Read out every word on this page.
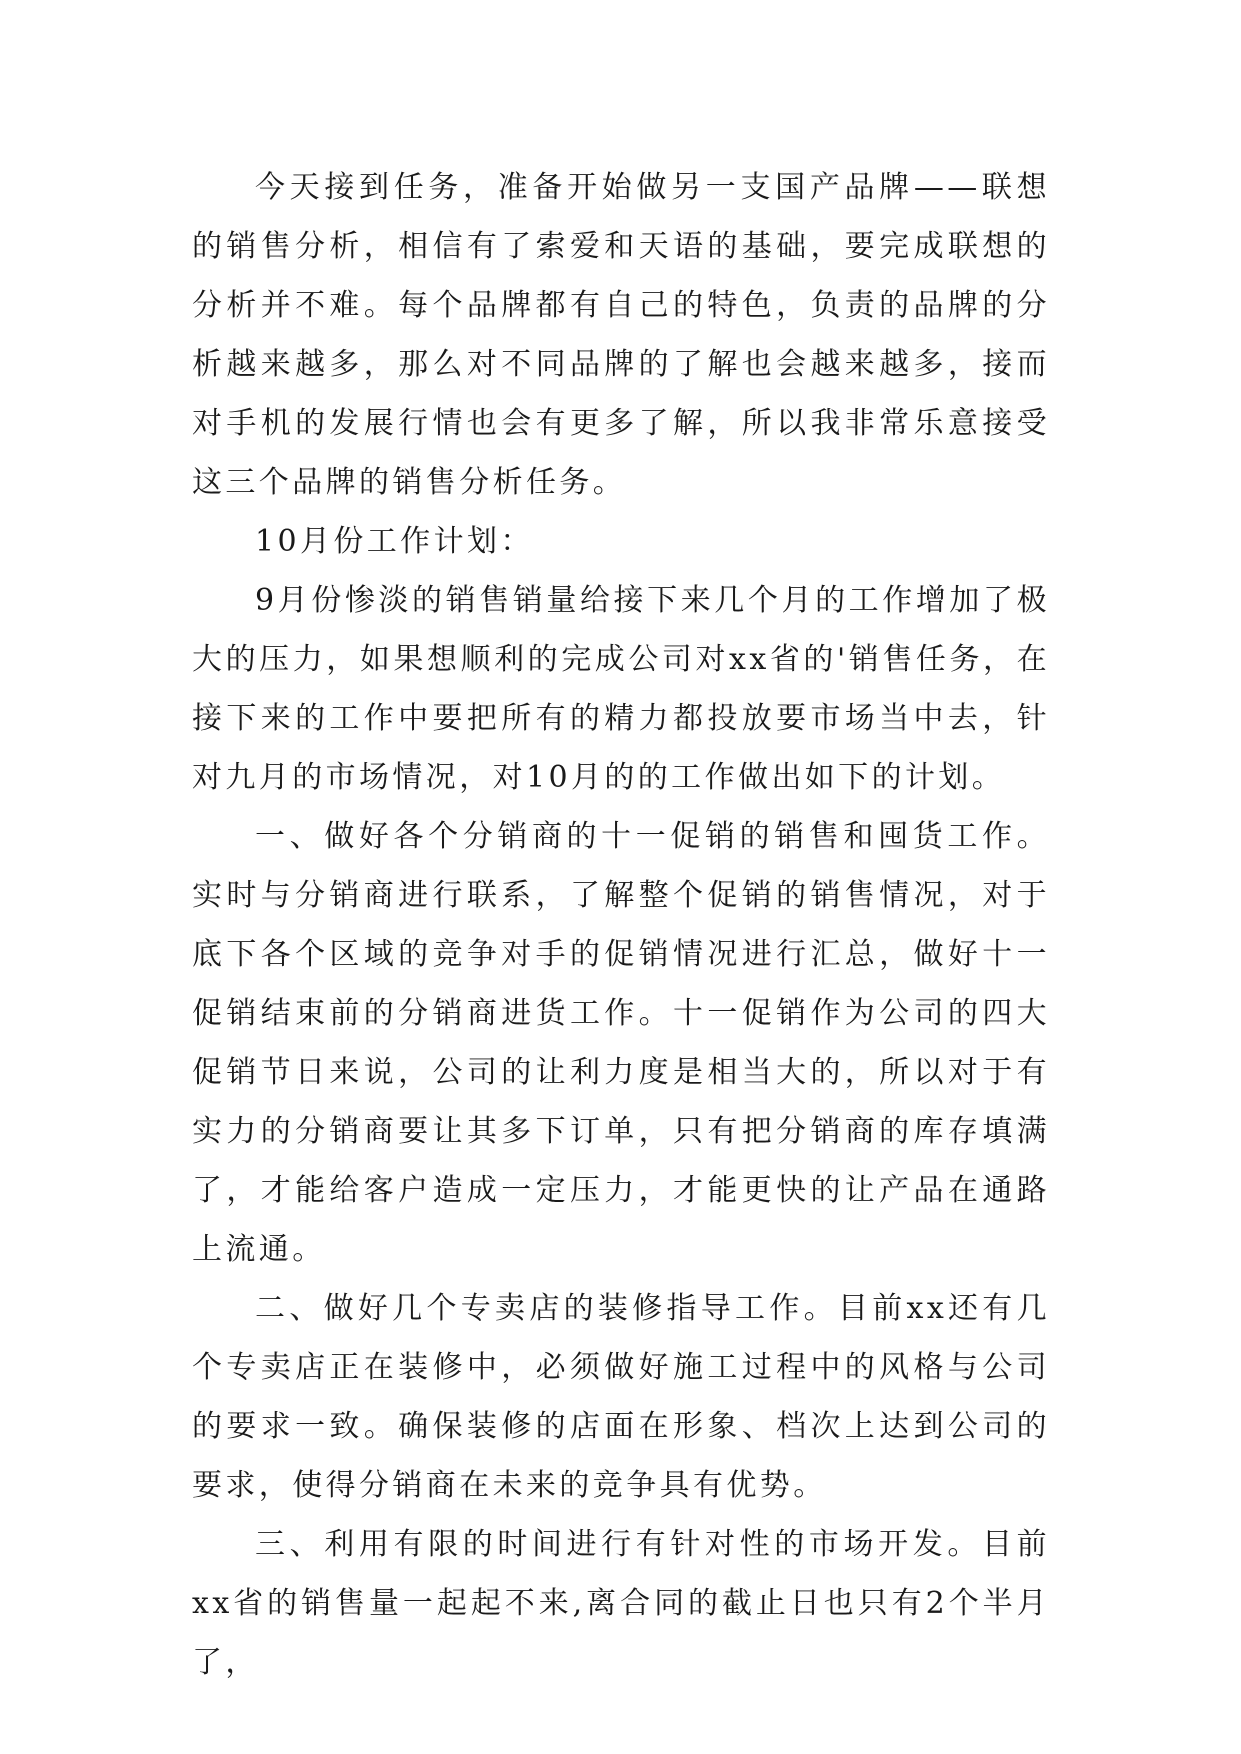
今天接到任务，准备开始做另一支国产品牌——联想的销售分析，相信有了索爱和天语的基础，要完成联想的分析并不难。每个品牌都有自己的特色，负责的品牌的分析越来越多，那么对不同品牌的了解也会越来越多，接而对手机的发展行情也会有更多了解，所以我非常乐意接受这三个品牌的销售分析任务。

10月份工作计划：

9月份惨淡的销售销量给接下来几个月的工作增加了极大的压力，如果想顺利的完成公司对xx省的'销售任务，在接下来的工作中要把所有的精力都投放要市场当中去，针对九月的市场情况，对10月的的工作做出如下的计划。

一、做好各个分销商的十一促销的销售和囤货工作。实时与分销商进行联系，了解整个促销的销售情况，对于底下各个区域的竞争对手的促销情况进行汇总，做好十一促销结束前的分销商进货工作。十一促销作为公司的四大促销节日来说，公司的让利力度是相当大的，所以对于有实力的分销商要让其多下订单，只有把分销商的库存填满了，才能给客户造成一定压力，才能更快的让产品在通路上流通。

二、做好几个专卖店的装修指导工作。目前xx还有几个专卖店正在装修中，必须做好施工过程中的风格与公司的要求一致。确保装修的店面在形象、档次上达到公司的要求，使得分销商在未来的竞争具有优势。

三、利用有限的时间进行有针对性的市场开发。目前xx省的销售量一起起不来,离合同的截止日也只有2个半月了，
